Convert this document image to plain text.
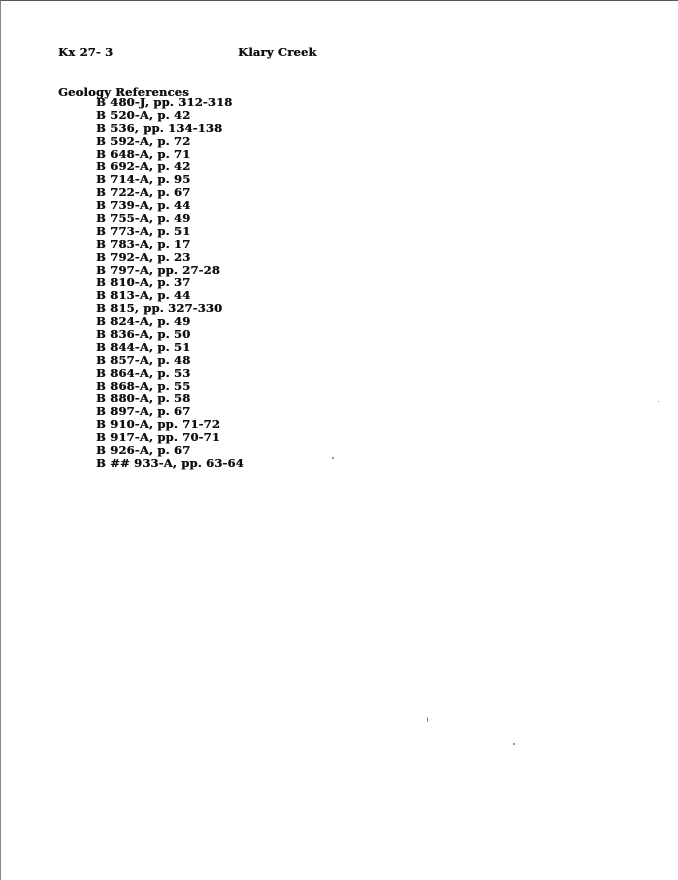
Kx 27- 3	Klary Creek
Geology References
B 480-J, pp. 312-318
B 520-A, p. 42
B 536, pp. 134-138
B 592-A, p. 72
B 648-A, p. 71
B 692-A, p. 42
B 714-A, p. 95
B 722-A, p. 67
B 739-A, p. 44
B 755-A, p. 49
B 773-A, p. 51
B 783-A, p. 17
B 792-A, p. 23
B 797-A, pp. 27-28
B 810-A, p. 37
B 813-A, p. 44
B 815, pp. 327-330
B 824-A, p. 49
B 836-A, p. 50
B 844-A, p. 51
B 857-A, p. 48
B 864-A, p. 53
B 868-A, p. 55
B 880-A, p. 58
B 897-A, p. 67
B 910-A, pp. 71-72
B 917-A, pp. 70-71
B 926-A, p. 67
B ## 933-A, pp. 63-64
